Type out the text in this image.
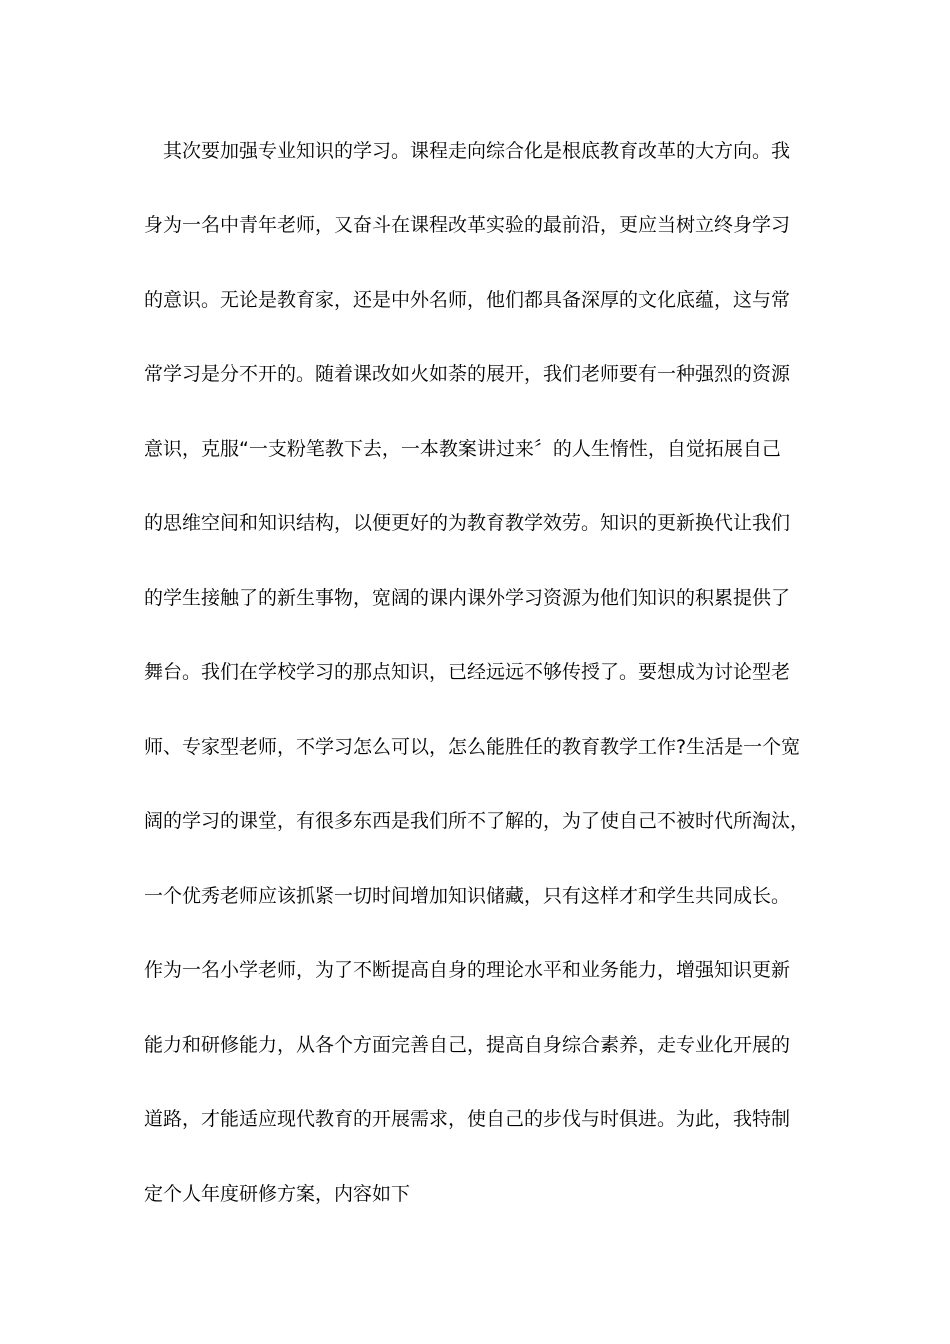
其次要加强专业知识的学习。课程走向综合化是根底教育改革的大方向。我
身为一名中青年老师，又奋斗在课程改革实验的最前沿，更应当树立终身学习
的意识。无论是教育家，还是中外名师，他们都具备深厚的文化底蕴，这与常
常学习是分不开的。随着课改如火如荼的展开，我们老师要有一种强烈的资源
意识，克服“一支粉笔教下去，一本教案讲过来〞的人生惰性，自觉拓展自己
的思维空间和知识结构，以便更好的为教育教学效劳。知识的更新换代让我们
的学生接触了的新生事物，宽阔的课内课外学习资源为他们知识的积累提供了
舞台。我们在学校学习的那点知识，已经远远不够传授了。要想成为讨论型老
师、专家型老师，不学习怎么可以，怎么能胜任的教育教学工作?生活是一个宽
阔的学习的课堂，有很多东西是我们所不了解的，为了使自己不被时代所淘汰，
一个优秀老师应该抓紧一切时间增加知识储藏，只有这样才和学生共同成长。
作为一名小学老师，为了不断提高自身的理论水平和业务能力，增强知识更新
能力和研修能力，从各个方面完善自己，提高自身综合素养，走专业化开展的
道路，才能适应现代教育的开展需求，使自己的步伐与时俱进。为此，我特制
定个人年度研修方案，内容如下
